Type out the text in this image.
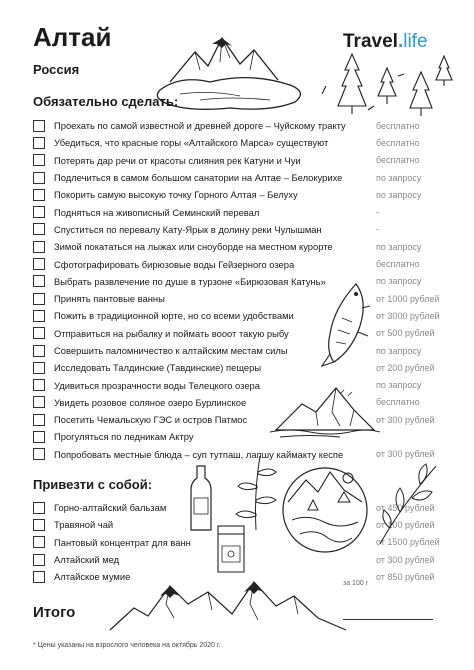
Алтай
Россия
Travel.life
Обязательно сделать:
Проехать по самой известной и древней дороге – Чуйскому тракту	бесплатно
Убедиться, что красные горы «Алтайского Марса» существуют	бесплатно
Потерять дар речи от красоты слияния рек Катуни и Чуи	бесплатно
Подлечиться в самом большом санатории на Алтае – Белокурихе	по запросу
Покорить самую высокую точку Горного Алтая – Белуху	по запросу
Подняться на живописный Семинский перевал	-
Спуститься по перевалу Кату-Ярык в долину реки Чулышман	-
Зимой покататься на лыжах или сноуборде на местном курорте	по запросу
Сфотографировать бирюзовые воды Гейзерного озера	бесплатно
Выбрать развлечение по душе в турзоне «Бирюзовая Катунь»	по запросу
Принять пантовые ванны	от 1000 рублей
Пожить в традиционной юрте, но со всеми удобствами	от 3000 рублей
Отправиться на рыбалку и поймать вооот такую рыбу	от 500 рублей
Совершить паломничество к алтайским местам силы	по запросу
Исследовать Талдинские (Тавдинские) пещеры	от 200 рублей
Удивиться прозрачности воды Телецкого озера	по запросу
Увидеть розовое соляное озеро Бурлинское	бесплатно
Посетить Чемальскую ГЭС и остров Патмос	от 300 рублей
Прогуляться по ледникам Актру
Попробовать местные блюда – суп тутпаш, лапшу каймакту кеспе	от 300 рублей
Привезти с собой:
Горно-алтайский бальзам	от 450 рублей
Травяной чай	от 100 рублей
Пантовый концентрат для ванн	от 1500 рублей
Алтайский мед	от 300 рублей
Алтайское мумие	от 850 рублей
за 100 г
Итого
* Цены указаны на взрослого человека на октябрь 2020 г.
